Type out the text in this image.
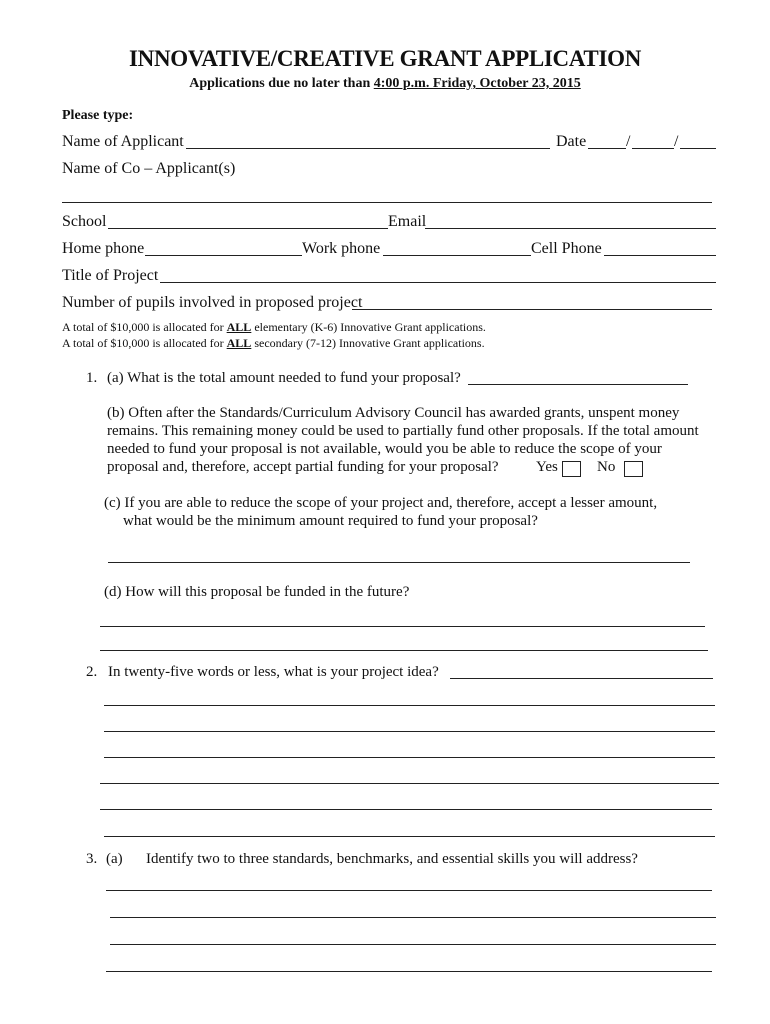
INNOVATIVE/CREATIVE GRANT APPLICATION
Applications due no later than 4:00 p.m. Friday, October 23, 2015
Please type:
Name of Applicant	Date /	/
Name of Co – Applicant(s)
School	Email
Home phone	Work phone	Cell Phone
Title of Project
Number of pupils involved in proposed project
A total of $10,000 is allocated for ALL elementary (K-6) Innovative Grant applications.
A total of $10,000 is allocated for ALL secondary (7-12) Innovative Grant applications.
1. (a) What is the total amount needed to fund your proposal?
(b) Often after the Standards/Curriculum Advisory Council has awarded grants, unspent money
remains. This remaining money could be used to partially fund other proposals. If the total amount
needed to fund your proposal is not available, would you be able to reduce the scope of your
proposal and, therefore, accept partial funding for your proposal? Yes	No
(c) If you are able to reduce the scope of your project and, therefore, accept a lesser amount,
what would be the minimum amount required to fund your proposal?
(d) How will this proposal be funded in the future?
2. In twenty-five words or less, what is your project idea?
3. (a) Identify two to three standards, benchmarks, and essential skills you will address?
